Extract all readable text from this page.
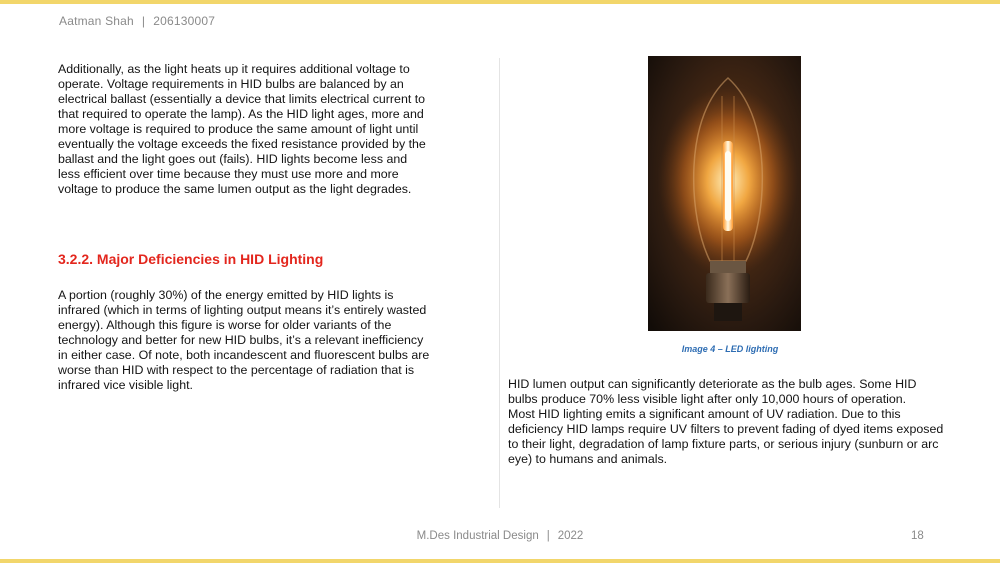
Aatman Shah | 206130007

Additionally, as the light heats up it requires additional voltage to operate. Voltage requirements in HID bulbs are balanced by an electrical ballast (essentially a device that limits electrical current to that required to operate the lamp). As the HID light ages, more and more voltage is required to produce the same amount of light until eventually the voltage exceeds the fixed resistance provided by the ballast and the light goes out (fails). HID lights become less and less efficient over time because they must use more and more voltage to produce the same lumen output as the light degrades.

3.2.2. Major Deficiencies in HID Lighting

A portion (roughly 30%) of the energy emitted by HID lights is infrared (which in terms of lighting output means it’s entirely wasted energy). Although this figure is worse for older variants of the technology and better for new HID bulbs, it’s a relevant inefficiency in either case. Of note, both incandescent and fluorescent bulbs are worse than HID with respect to the percentage of radiation that is infrared vice visible light.

Image 4 – LED lighting

HID lumen output can significantly deteriorate as the bulb ages. Some HID bulbs produce 70% less visible light after only 10,000 hours of operation.

Most HID lighting emits a significant amount of UV radiation. Due to this deficiency HID lamps require UV filters to prevent fading of dyed items exposed to their light, degradation of lamp fixture parts, or serious injury (sunburn or arc eye) to humans and animals.

M.Des Industrial Design | 2022	18
